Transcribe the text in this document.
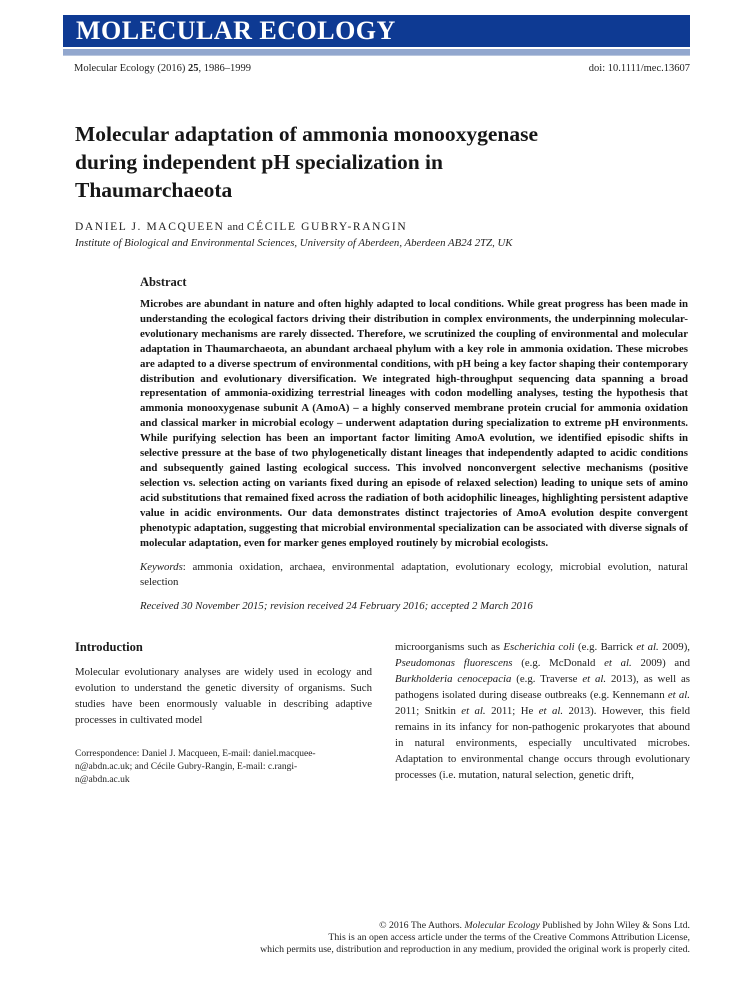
MOLECULAR ECOLOGY
Molecular Ecology (2016) 25, 1986–1999	doi: 10.1111/mec.13607
Molecular adaptation of ammonia monooxygenase
during independent pH specialization in
Thaumarchaeota
DANIEL J. MACQUEEN and CÉCILE GUBRY-RANGIN
Institute of Biological and Environmental Sciences, University of Aberdeen, Aberdeen AB24 2TZ, UK
Abstract

Microbes are abundant in nature and often highly adapted to local conditions. While great progress has been made in understanding the ecological factors driving their distribution in complex environments, the underpinning molecular-evolutionary mechanisms are rarely dissected. Therefore, we scrutinized the coupling of environmental and molecular adaptation in Thaumarchaeota, an abundant archaeal phylum with a key role in ammonia oxidation. These microbes are adapted to a diverse spectrum of environmental conditions, with pH being a key factor shaping their contemporary distribution and evolutionary diversification. We integrated high-throughput sequencing data spanning a broad representation of ammonia-oxidizing terrestrial lineages with codon modelling analyses, testing the hypothesis that ammonia monooxygenase subunit A (AmoA) – a highly conserved membrane protein crucial for ammonia oxidation and classical marker in microbial ecology – underwent adaptation during specialization to extreme pH environments. While purifying selection has been an important factor limiting AmoA evolution, we identified episodic shifts in selective pressure at the base of two phylogenetically distant lineages that independently adapted to acidic conditions and subsequently gained lasting ecological success. This involved nonconvergent selective mechanisms (positive selection vs. selection acting on variants fixed during an episode of relaxed selection) leading to unique sets of amino acid substitutions that remained fixed across the radiation of both acidophilic lineages, highlighting persistent adaptive value in acidic environments. Our data demonstrates distinct trajectories of AmoA evolution despite convergent phenotypic adaptation, suggesting that microbial environmental specialization can be associated with diverse signals of molecular adaptation, even for marker genes employed routinely by microbial ecologists.

Keywords: ammonia oxidation, archaea, environmental adaptation, evolutionary ecology, microbial evolution, natural selection

Received 30 November 2015; revision received 24 February 2016; accepted 2 March 2016

Introduction

Molecular evolutionary analyses are widely used in ecology and evolution to understand the genetic diversity of organisms. Such studies have been enormously valuable in describing adaptive processes in cultivated model

Correspondence: Daniel J. Macqueen, E-mail: daniel.macquee-
n@abdn.ac.uk; and Cécile Gubry-Rangin, E-mail: c.rangi-
n@abdn.ac.uk

microorganisms such as Escherichia coli (e.g. Barrick et al. 2009), Pseudomonas fluorescens (e.g. McDonald et al. 2009) and Burkholderia cenocepacia (e.g. Traverse et al. 2013), as well as pathogens isolated during disease outbreaks (e.g. Kennemann et al. 2011; Snitkin et al. 2011; He et al. 2013). However, this field remains in its infancy for non-pathogenic prokaryotes that abound in natural environments, especially uncultivated microbes. Adaptation to environmental change occurs through evolutionary processes (i.e. mutation, natural selection, genetic drift,

© 2016 The Authors. Molecular Ecology Published by John Wiley & Sons Ltd.
This is an open access article under the terms of the Creative Commons Attribution License,
which permits use, distribution and reproduction in any medium, provided the original work is properly cited.
